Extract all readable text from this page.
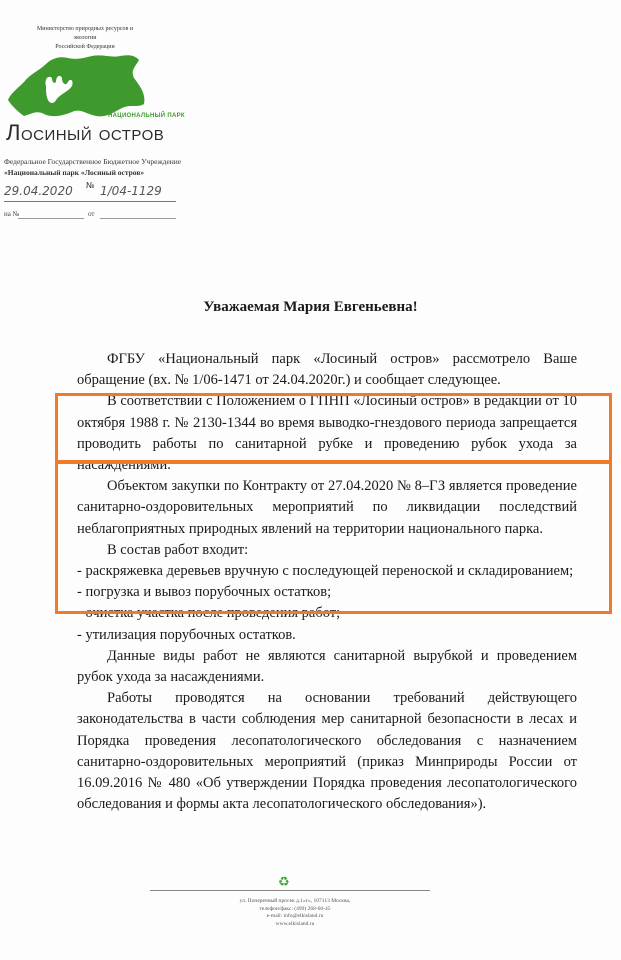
Министерство природных ресурсов и экологии
Российской Федерации
НАЦИОНАЛЬНЫЙ ПАРК
Лосиный остров
Федеральное Государственное Бюджетное Учреждение
«Национальный парк «Лосиный остров»
29.04.2020 № 1/04-1129
на №	от
Уважаемая Мария Евгеньевна!

ФГБУ «Национальный парк «Лосиный остров» рассмотрело Ваше обращение (вх. № 1/06-1471 от 24.04.2020г.) и сообщает следующее.

В соответствии с Положением о ГПНП «Лосиный остров» в редакции от 10 октября 1988 г. № 2130-1344 во время выводко-гнездового периода запрещается проводить работы по санитарной рубке и проведению рубок ухода за насаждениями.

Объектом закупки по Контракту от 27.04.2020 № 8–ГЗ является проведение санитарно-оздоровительных мероприятий по ликвидации последствий неблагоприятных природных явлений на территории национального парка.

В состав работ входит:

- раскряжевка деревьев вручную с последующей переноской и складированием;

- погрузка и вывоз порубочных остатков;

- очистка участка после проведения работ;

- утилизация порубочных остатков.

Данные виды работ не являются санитарной вырубкой и проведением рубок ухода за насаждениями.

Работы проводятся на основании требований действующего законодательства в части соблюдения мер санитарной безопасности в лесах и Порядка проведения лесопатологического обследования с назначением санитарно-оздоровительных мероприятий (приказ Минприроды России от 16.09.2016 № 480 «Об утверждении Порядка проведения лесопатологического обследования и формы акта лесопатологического обследования»).

♻
ул. Поперечный просек д.1«г», 107113 Москва,
телефон/факс: (499) 268-60-45
e-mail: info@elkisland.ru
www.elkisland.ru
